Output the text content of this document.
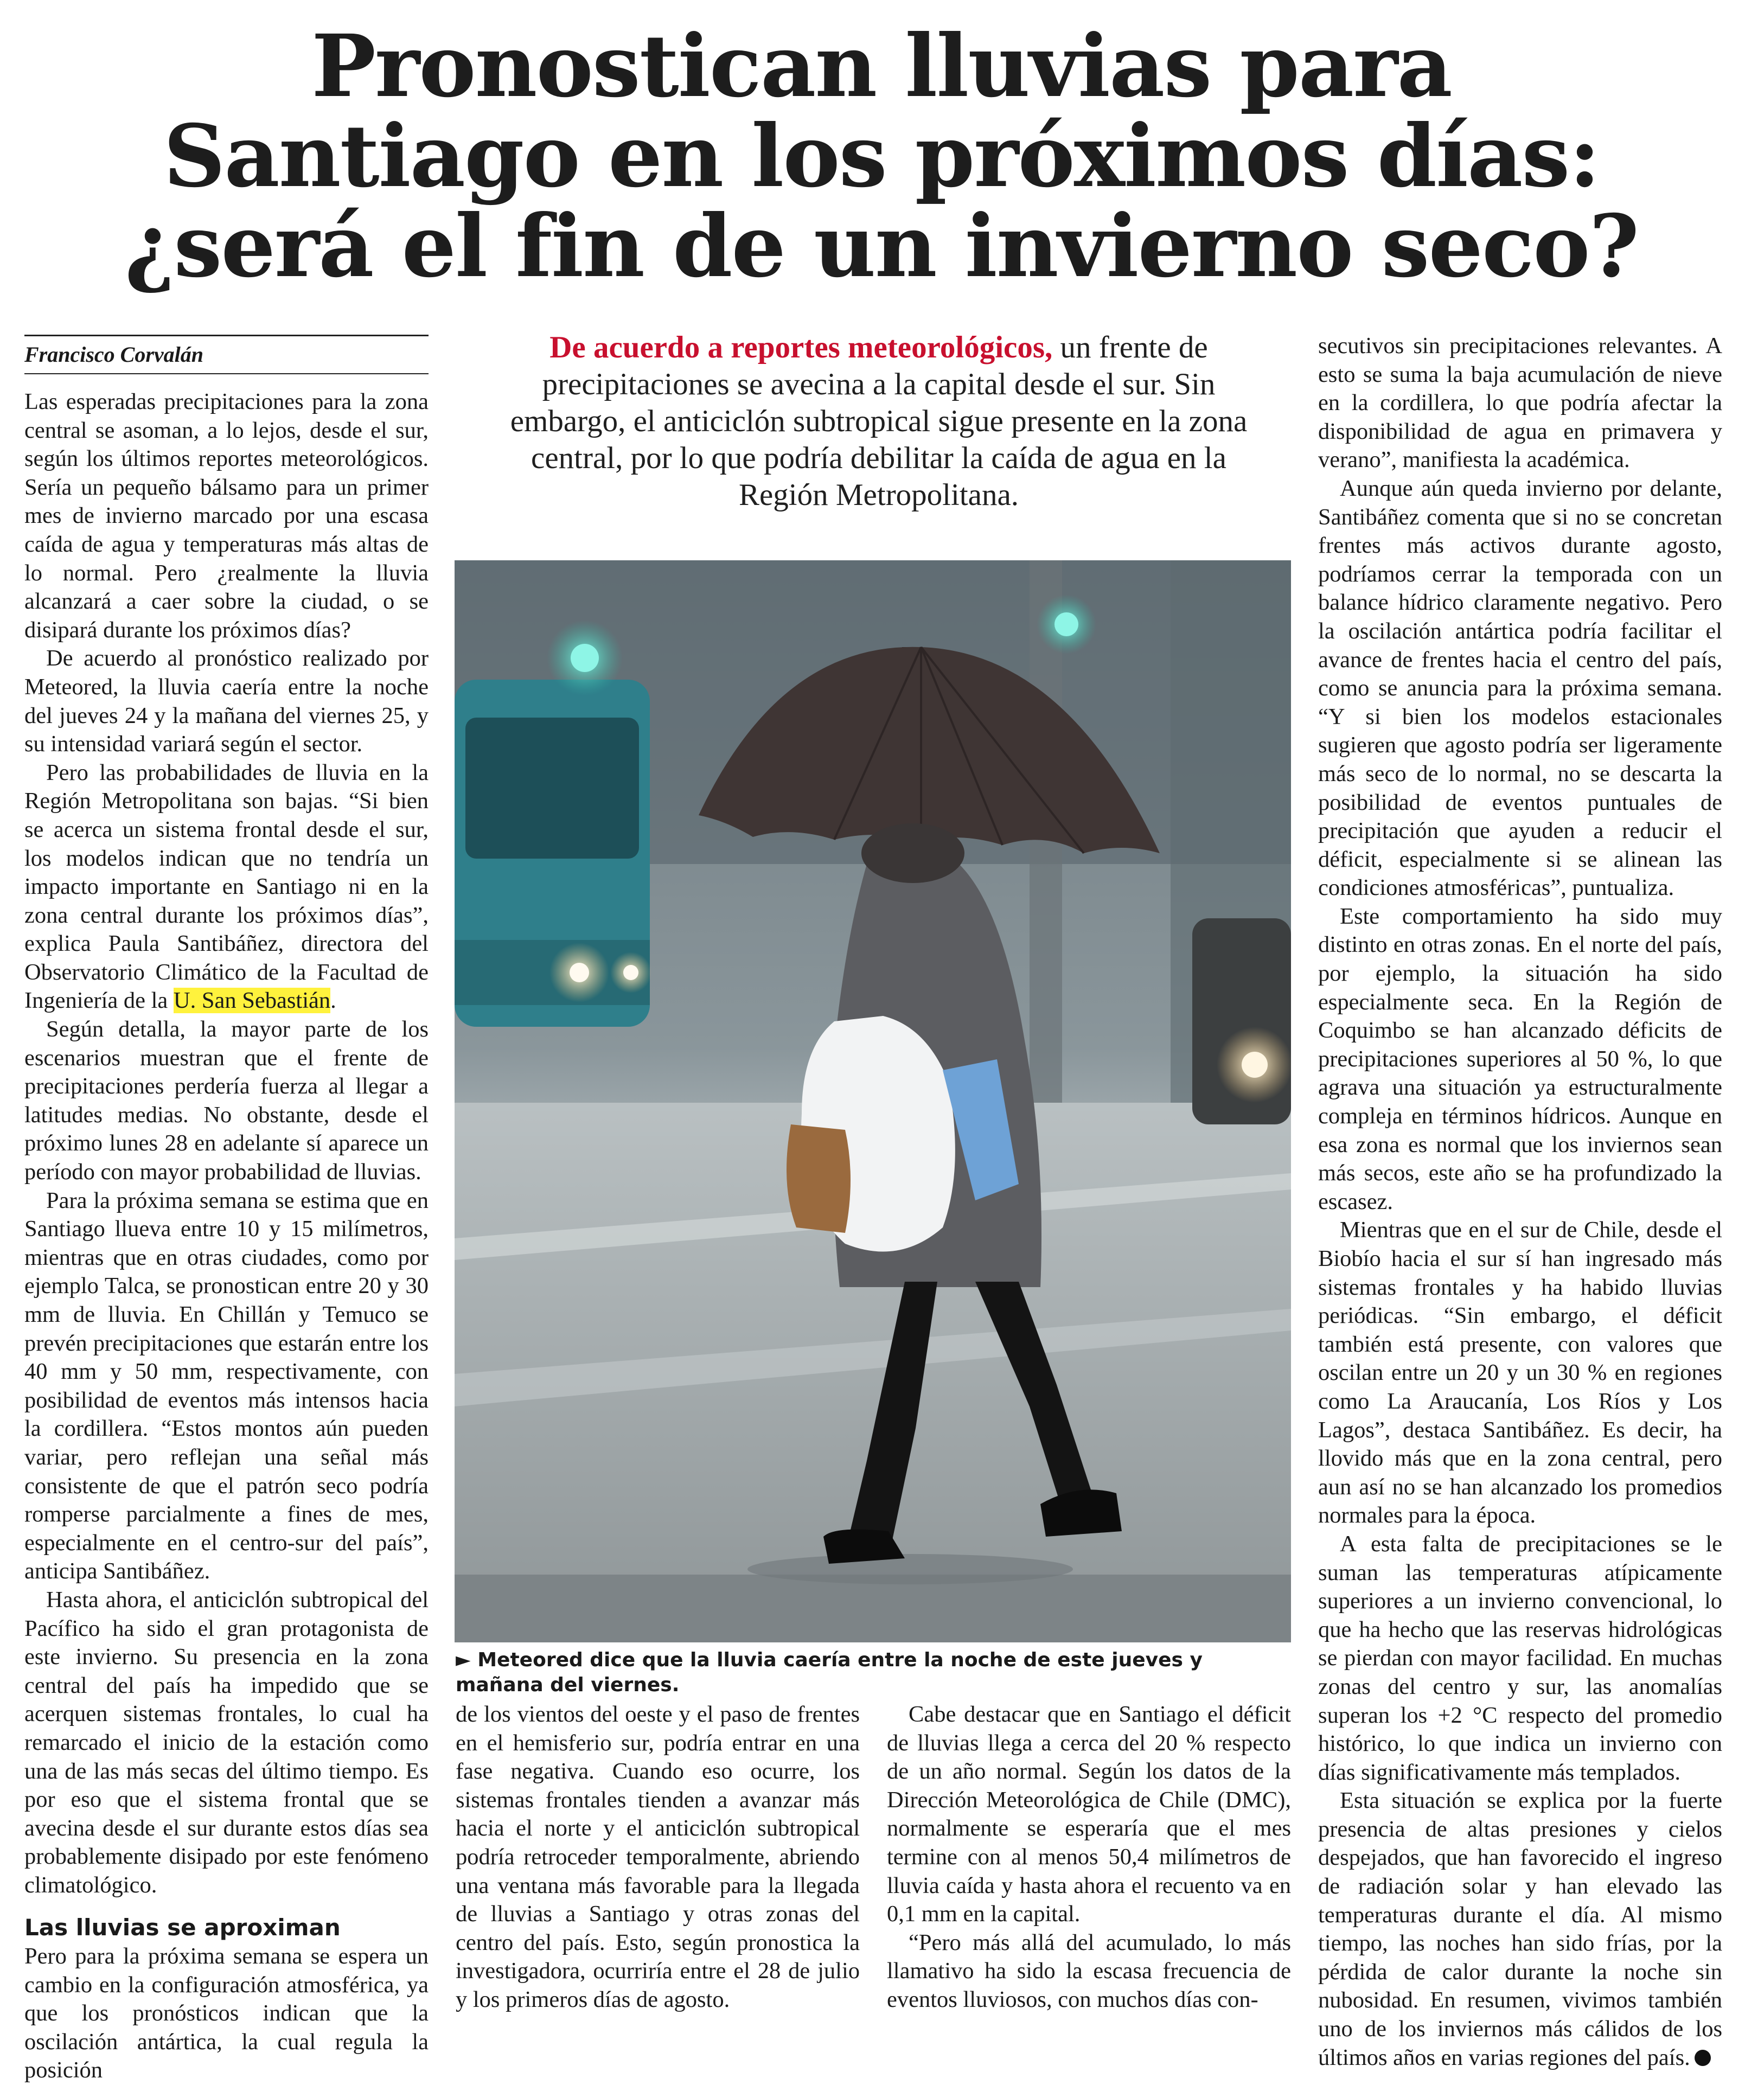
Pronostican lluvias para
Santiago en los próximos días:
¿será el fin de un invierno seco?
Francisco Corvalán	De acuerdo a reportes meteorológicos, un frente de precipitaciones se avecina a la capital desde el sur. Sin embargo, el anticiclón subtropical sigue presente en la zona central, por lo que podría debilitar la caída de agua en la Región Metropolitana.
► Meteored dice que la lluvia caería entre la noche de este jueves y mañana del viernes.

Las esperadas precipitaciones para la zona central se asoman, a lo lejos, desde el sur, según los últimos reportes meteorológicos. Sería un pequeño bálsamo para un primer mes de invierno marcado por una escasa caída de agua y temperaturas más altas de lo normal. Pero ¿realmente la lluvia alcanzará a caer sobre la ciudad, o se disipará durante los próximos días?

De acuerdo al pronóstico realizado por Meteored, la lluvia caería entre la noche del jueves 24 y la mañana del viernes 25, y su intensidad variará según el sector.

Pero las probabilidades de lluvia en la Región Metropolitana son bajas. “Si bien se acerca un sistema frontal desde el sur, los modelos indican que no tendría un impacto importante en Santiago ni en la zona central durante los próximos días”, explica Paula Santibáñez, directora del Observatorio Climático de la Facultad de Ingeniería de la U. San Sebastián.

Según detalla, la mayor parte de los escenarios muestran que el frente de precipitaciones perdería fuerza al llegar a latitudes medias. No obstante, desde el próximo lunes 28 en adelante sí aparece un período con mayor probabilidad de lluvias.

Para la próxima semana se estima que en Santiago llueva entre 10 y 15 milímetros, mientras que en otras ciudades, como por ejemplo Talca, se pronostican entre 20 y 30 mm de lluvia. En Chillán y Temuco se prevén precipitaciones que estarán entre los 40 mm y 50 mm, respectivamente, con posibilidad de eventos más intensos hacia la cordillera. “Estos montos aún pueden variar, pero reflejan una señal más consistente de que el patrón seco podría romperse parcialmente a fines de mes, especialmente en el centro-sur del país”, anticipa Santibáñez.

Hasta ahora, el anticiclón subtropical del Pacífico ha sido el gran protagonista de este invierno. Su presencia en la zona central del país ha impedido que se acerquen sistemas frontales, lo cual ha remarcado el inicio de la estación como una de las más secas del último tiempo. Es por eso que el sistema frontal que se avecina desde el sur durante estos días sea probablemente disipado por este fenómeno climatológico.

Las lluvias se aproximan

Pero para la próxima semana se espera un cambio en la configuración atmosférica, ya que los pronósticos indican que la oscilación antártica, la cual regula la posición

de los vientos del oeste y el paso de frentes en el hemisferio sur, podría entrar en una fase negativa. Cuando eso ocurre, los sistemas frontales tienden a avanzar más hacia el norte y el anticiclón subtropical podría retroceder temporalmente, abriendo una ventana más favorable para la llegada de lluvias a Santiago y otras zonas del centro del país. Esto, según pronostica la investigadora, ocurriría entre el 28 de julio y los primeros días de agosto.

Cabe destacar que en Santiago el déficit de lluvias llega a cerca del 20 % respecto de un año normal. Según los datos de la Dirección Meteorológica de Chile (DMC), normalmente se esperaría que el mes termine con al menos 50,4 milímetros de lluvia caída y hasta ahora el recuento va en 0,1 mm en la capital.

“Pero más allá del acumulado, lo más llamativo ha sido la escasa frecuencia de eventos lluviosos, con muchos días con-

secutivos sin precipitaciones relevantes. A esto se suma la baja acumulación de nieve en la cordillera, lo que podría afectar la disponibilidad de agua en primavera y verano”, manifiesta la académica.

Aunque aún queda invierno por delante, Santibáñez comenta que si no se concretan frentes más activos durante agosto, podríamos cerrar la temporada con un balance hídrico claramente negativo. Pero la oscilación antártica podría facilitar el avance de frentes hacia el centro del país, como se anuncia para la próxima semana. “Y si bien los modelos estacionales sugieren que agosto podría ser ligeramente más seco de lo normal, no se descarta la posibilidad de eventos puntuales de precipitación que ayuden a reducir el déficit, especialmente si se alinean las condiciones atmosféricas”, puntualiza.

Este comportamiento ha sido muy distinto en otras zonas. En el norte del país, por ejemplo, la situación ha sido especialmente seca. En la Región de Coquimbo se han alcanzado déficits de precipitaciones superiores al 50 %, lo que agrava una situación ya estructuralmente compleja en términos hídricos. Aunque en esa zona es normal que los inviernos sean más secos, este año se ha profundizado la escasez.

Mientras que en el sur de Chile, desde el Biobío hacia el sur sí han ingresado más sistemas frontales y ha habido lluvias periódicas. “Sin embargo, el déficit también está presente, con valores que oscilan entre un 20 y un 30 % en regiones como La Araucanía, Los Ríos y Los Lagos”, destaca Santibáñez. Es decir, ha llovido más que en la zona central, pero aun así no se han alcanzado los promedios normales para la época.

A esta falta de precipitaciones se le suman las temperaturas atípicamente superiores a un invierno convencional, lo que ha hecho que las reservas hidrológicas se pierdan con mayor facilidad. En muchas zonas del centro y sur, las anomalías superan los +2 °C respecto del promedio histórico, lo que indica un invierno con días significativamente más templados.

Esta situación se explica por la fuerte presencia de altas presiones y cielos despejados, que han favorecido el ingreso de radiación solar y han elevado las temperaturas durante el día. Al mismo tiempo, las noches han sido frías, por la pérdida de calor durante la noche sin nubosidad. En resumen, vivimos también uno de los inviernos más cálidos de los últimos años en varias regiones del país.
